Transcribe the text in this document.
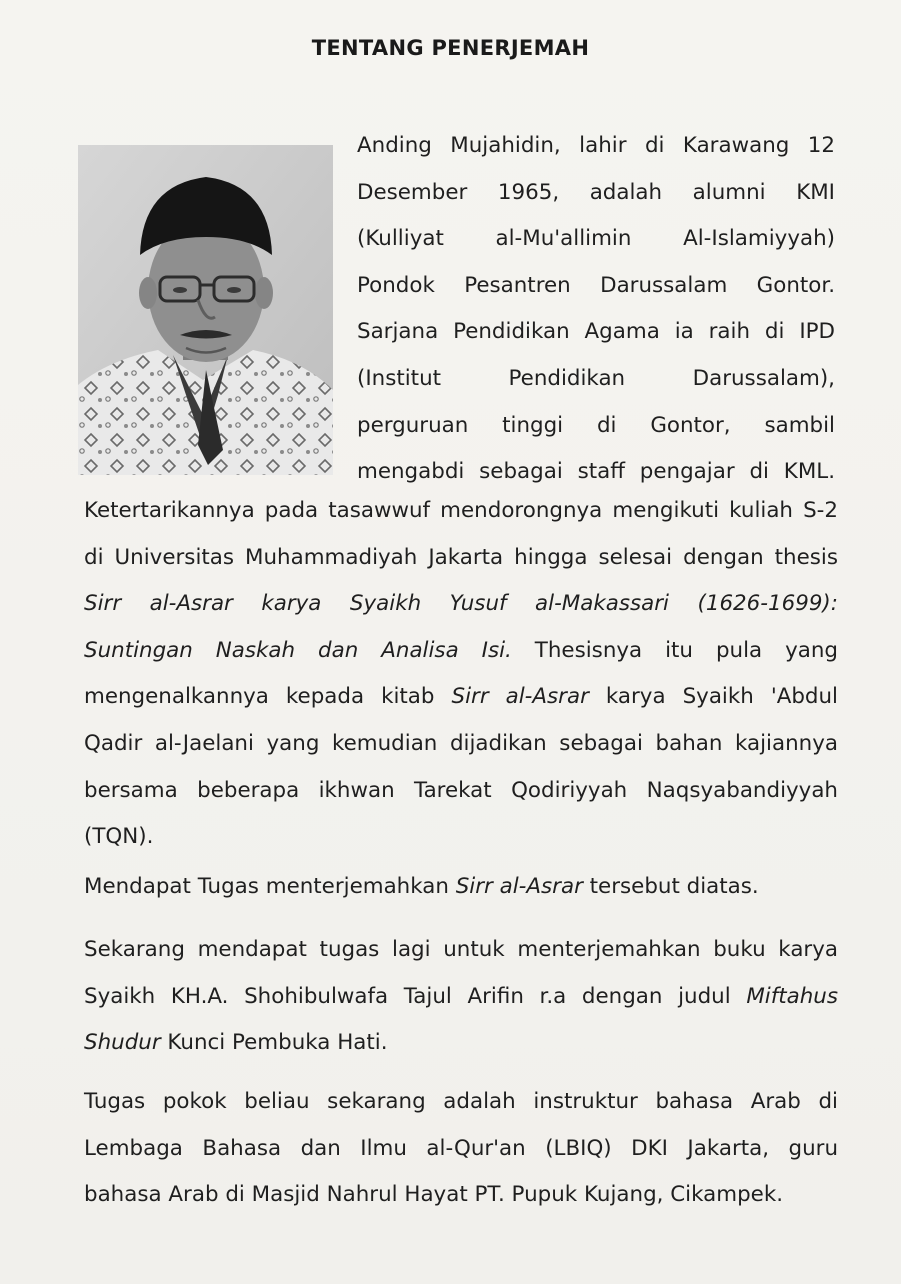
TENTANG PENERJEMAH
Anding Mujahidin, lahir di Karawang 12
Desember 1965, adalah alumni KMI
(Kulliyat al-Mu'allimin Al-Islamiyyah)
Pondok Pesantren Darussalam Gontor.
Sarjana Pendidikan Agama ia raih di IPD
(Institut Pendidikan Darussalam),
perguruan tinggi di Gontor, sambil
mengabdi sebagai staff pengajar di KML.
Ketertarikannya pada tasawwuf mendorongnya mengikuti kuliah S-2
di Universitas Muhammadiyah Jakarta hingga selesai dengan thesis
Sirr al-Asrar karya Syaikh Yusuf al-Makassari (1626-1699):
Suntingan Naskah dan Analisa Isi. Thesisnya itu pula yang
mengenalkannya kepada kitab Sirr al-Asrar karya Syaikh 'Abdul
Qadir al-Jaelani yang kemudian dijadikan sebagai bahan kajiannya
bersama beberapa ikhwan Tarekat Qodiriyyah Naqsyabandiyyah
(TQN).
Mendapat Tugas menterjemahkan Sirr al-Asrar tersebut diatas.
Sekarang mendapat tugas lagi untuk menterjemahkan buku karya
Syaikh KH.A. Shohibulwafa Tajul Arifin r.a dengan judul Miftahus
Shudur Kunci Pembuka Hati.
Tugas pokok beliau sekarang adalah instruktur bahasa Arab di
Lembaga Bahasa dan Ilmu al-Qur'an (LBIQ) DKI Jakarta, guru
bahasa Arab di Masjid Nahrul Hayat PT. Pupuk Kujang, Cikampek.
